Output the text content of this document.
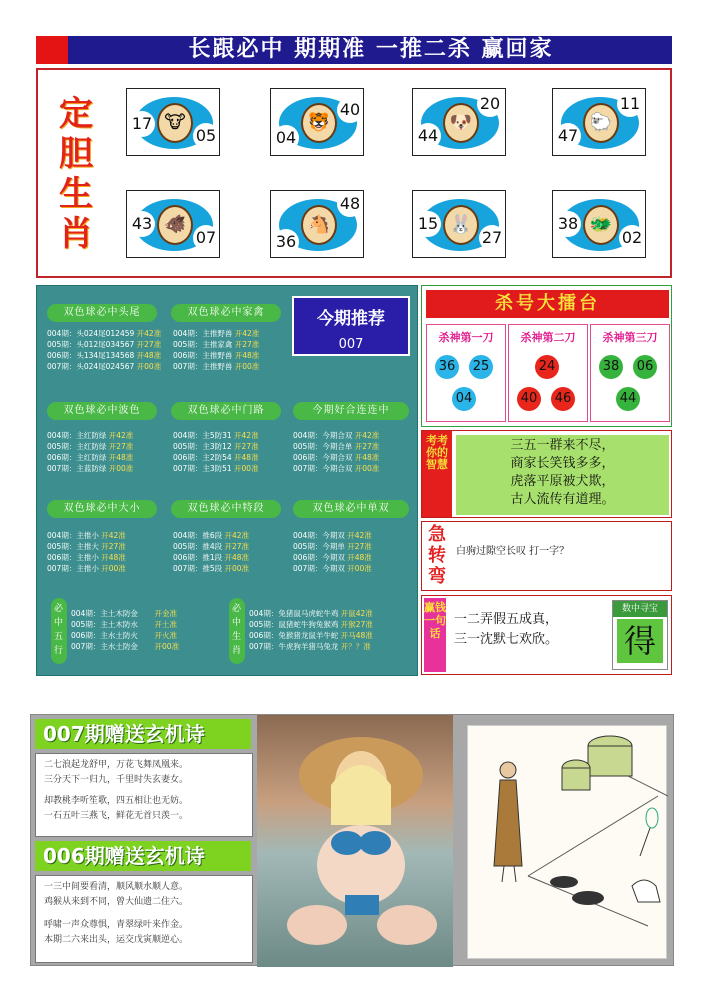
长跟必中 期期准 一推二杀 赢回家
定胆生肖
🐮
17
05
🐯
04
40
🐶
44
20
🐑
47
11
🐗
43
07
🐴
36
48
🐰
15
27
🐲
38
02
双色球必中头尾
004期：头024尾012459 开42准
005期：头012尾034567 开27准
006期：头134尾134568 开48准
007期：头024尾024567 开00准
双色球必中家禽
004期：主推野兽 开42准
005期：主推家禽 开27准
006期：主推野兽 开48准
007期：主推野兽 开00准
今期推荐
007
双色球必中波色
004期：主红防绿 开42准
005期：主红防绿 开27准
006期：主红防绿 开48准
007期：主蓝防绿 开00准
双色球必中门路
004期：主5防31 开42准
005期：主3防12 开27准
006期：主2防54 开48准
007期：主3防51 开00准
今期好合连连中
004期：今期合双 开42准
005期：今期合单 开27准
006期：今期合双 开48准
007期：今期合双 开00准
双色球必中大小
004期：主推小 开42准
005期：主推大 开27准
006期：主推小 开48准
007期：主推小 开00准
双色球必中特段
004期：推6段 开42准
005期：推4段 开27准
006期：推1段 开48准
007期：推5段 开00准
双色球必中单双
004期：今期双 开42准
005期：今期单 开27准
006期：今期双 开48准
007期：今期双 开00准
必中五行
004期：主土木防金 开金准
005期：主土木防水 开土准
006期：主水土防火 开火准
007期：主水土防金 开00准
必中生肖
004期：兔猪鼠马虎蛇牛鸡 开鼠42准
005期：鼠猪蛇牛狗兔猴鸡 开猴27准
006期：兔猴猪龙鼠羊牛蛇 开马48准
007期：牛虎狗羊猪马兔龙 开？？准
杀号大擂台
杀神第一刀
36 25
04
杀神第二刀
24
40 46
杀神第三刀
38 06
44
考考你的智慧
三五一群来不尽，
商家长笑钱多多，
虎落平原被犬欺，
古人流传有道理。
急转弯
白驹过隙空长叹 打一字？
赢钱一句话
一二弄假五成真，
三一沈默七欢欣。
数中寻宝
得
007期赠送玄机诗
二七浪起龙舒甲，万花飞舞凤凰来。
三分天下一归九，千里时失玄妻女。
却教桃李听笙歌，四五相让也无妨。
一石五叶三燕飞，鲜花无首只羡一。
006期赠送玄机诗
一三中间要看清，顺风顺水顺人意。
鸡猴从来到不同，曾大仙遗二住六。
呼啸一声众尊惧，青翠绿叶来作金。
本期二六来出头，运交戊寅顺逆心。
